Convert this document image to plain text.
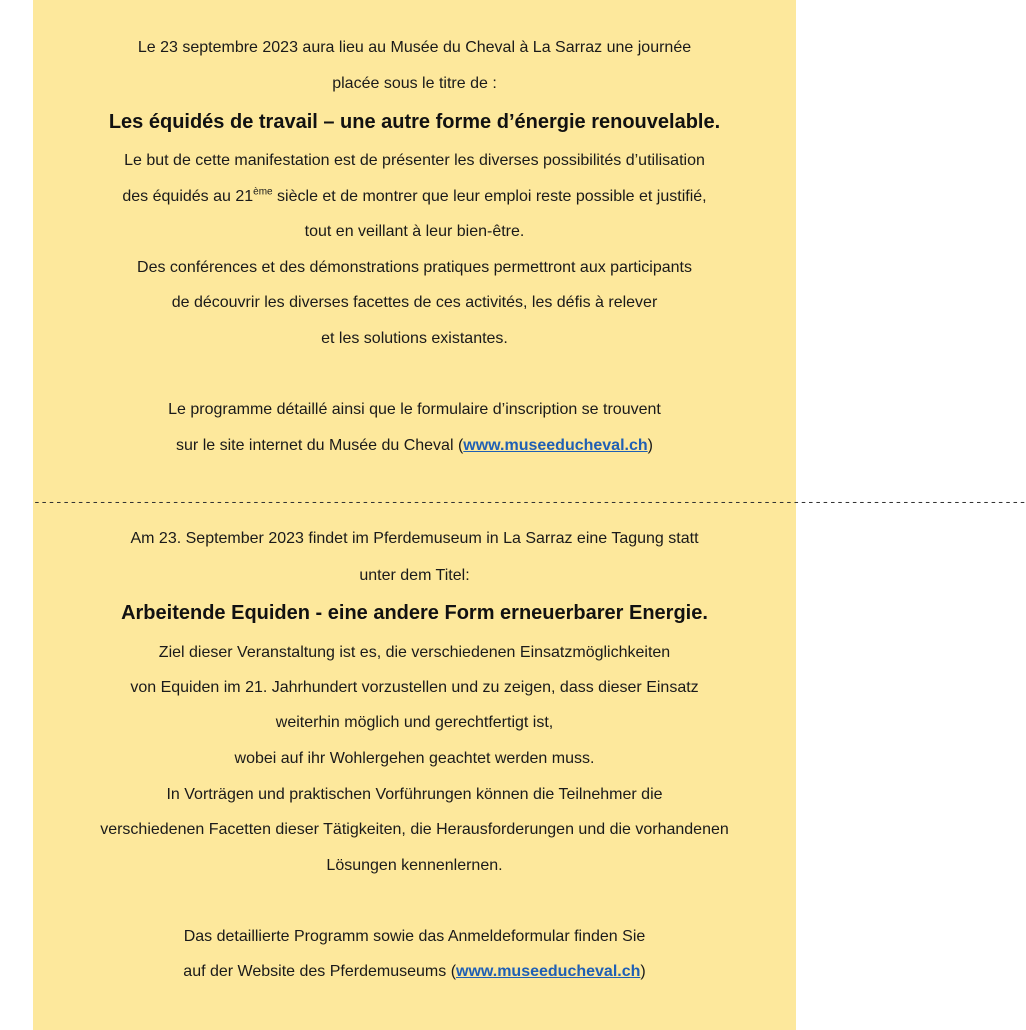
Le 23 septembre 2023 aura lieu au Musée du Cheval à La Sarraz une journée
placée sous le titre de :
Les équidés de travail – une autre forme d’énergie renouvelable.
Le but de cette manifestation est de présenter les diverses possibilités d’utilisation
des équidés au 21ème siècle et de montrer que leur emploi reste possible et justifié,
tout en veillant à leur bien-être.
Des conférences et des démonstrations pratiques permettront aux participants
de découvrir les diverses facettes de ces activités, les défis à relever
et les solutions existantes.
Le programme détaillé ainsi que le formulaire d’inscription se trouvent
sur le site internet du Musée du Cheval (www.museeducheval.ch)
----------------------------------------------------------------------------------------------------------------------------------------
Am 23. September 2023 findet im Pferdemuseum in La Sarraz eine Tagung statt
unter dem Titel:
Arbeitende Equiden - eine andere Form erneuerbarer Energie.
Ziel dieser Veranstaltung ist es, die verschiedenen Einsatzmöglichkeiten
von Equiden im 21. Jahrhundert vorzustellen und zu zeigen, dass dieser Einsatz
weiterhin möglich und gerechtfertigt ist,
wobei auf ihr Wohlergehen geachtet werden muss.
In Vorträgen und praktischen Vorführungen können die Teilnehmer die
verschiedenen Facetten dieser Tätigkeiten, die Herausforderungen und die vorhandenen
Lösungen kennenlernen.
Das detaillierte Programm sowie das Anmeldeformular finden Sie
auf der Website des Pferdemuseums (www.museeducheval.ch)
